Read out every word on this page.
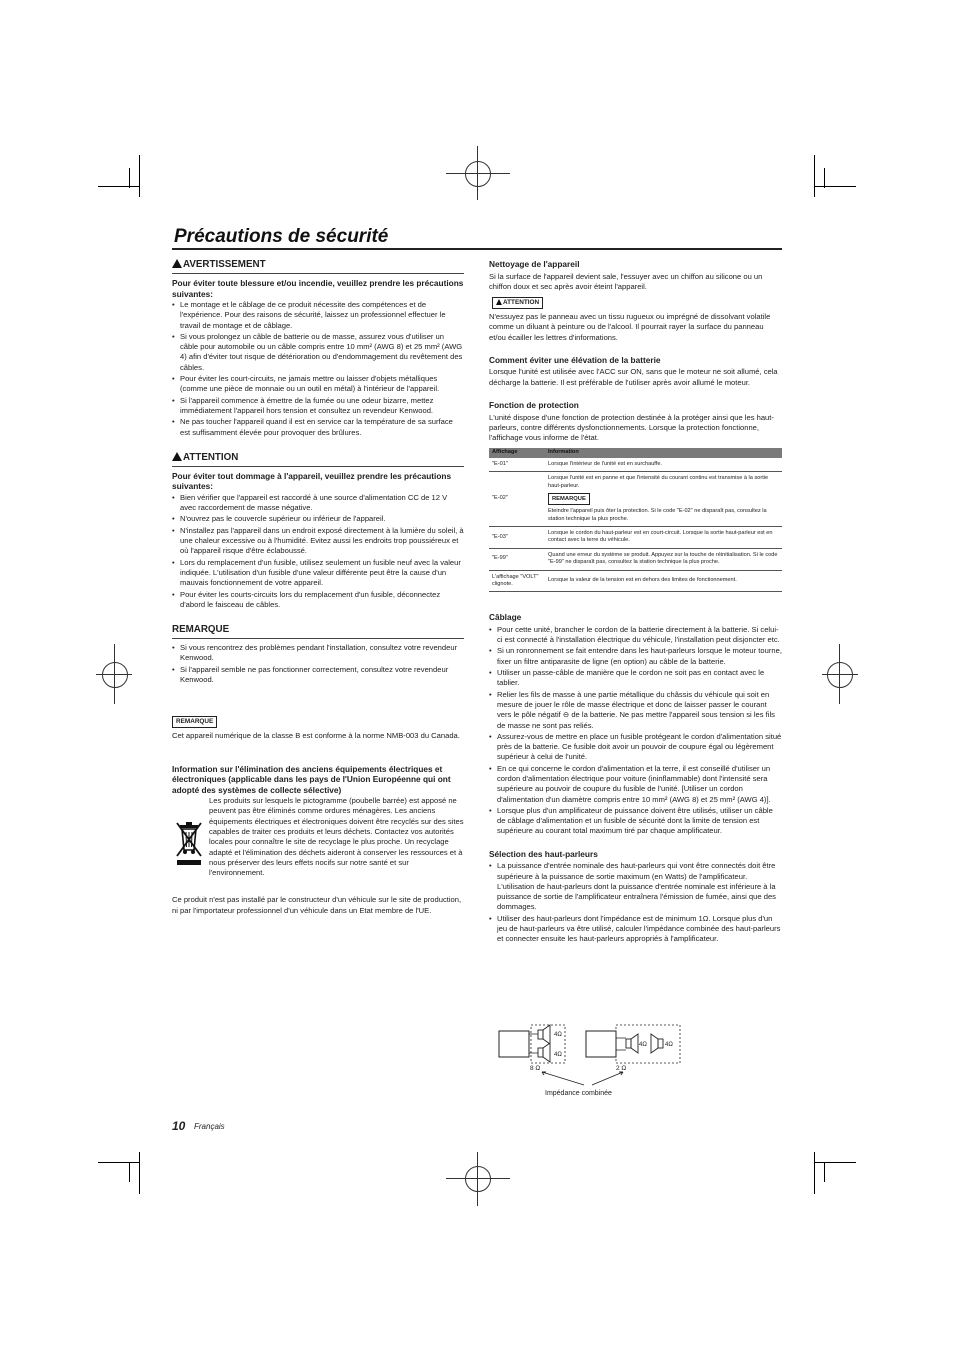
Précautions de sécurité
AVERTISSEMENT

Pour éviter toute blessure et/ou incendie, veuillez prendre les précautions suivantes:

• Le montage et le câblage de ce produit nécessite des compétences et de l'expérience. Pour des raisons de sécurité, laissez un professionnel effectuer le travail de montage et de câblage.
• Si vous prolongez un câble de batterie ou de masse, assurez vous d'utiliser un câble pour automobile ou un câble compris entre 10 mm² (AWG 8) et 25 mm² (AWG 4) afin d'éviter tout risque de détérioration ou d'endommagement du revêtement des câbles.
• Pour éviter les court-circuits, ne jamais mettre ou laisser d'objets métalliques (comme une pièce de monnaie ou un outil en métal) à l'intérieur de l'appareil.
• Si l'appareil commence à émettre de la fumée ou une odeur bizarre, mettez immédiatement l'appareil hors tension et consultez un revendeur Kenwood.
• Ne pas toucher l'appareil quand il est en service car la température de sa surface est suffisamment élevée pour provoquer des brûlures.
ATTENTION

Pour éviter tout dommage à l'appareil, veuillez prendre les précautions suivantes:

• Bien vérifier que l'appareil est raccordé à une source d'alimentation CC de 12 V avec raccordement de masse négative.
• N'ouvrez pas le couvercle supérieur ou inférieur de l'appareil.
• N'installez pas l'appareil dans un endroit exposé directement à la lumière du soleil, à une chaleur excessive ou à l'humidité. Evitez aussi les endroits trop poussiéreux et où l'appareil risque d'être éclaboussé.
• Lors du remplacement d'un fusible, utilisez seulement un fusible neuf avec la valeur indiquée. L'utilisation d'un fusible d'une valeur différente peut être la cause d'un mauvais fonctionnement de votre appareil.
• Pour éviter les courts-circuits lors du remplacement d'un fusible, déconnectez d'abord le faisceau de câbles.
REMARQUE
• Si vous rencontrez des problèmes pendant l'installation, consultez votre revendeur Kenwood.
• Si l'appareil semble ne pas fonctionner correctement, consultez votre revendeur Kenwood.
REMARQUE

Cet appareil numérique de la classe B est conforme à la norme NMB-003 du Canada.

Information sur l'élimination des anciens équipements électriques et électroniques (applicable dans les pays de l'Union Européenne qui ont adopté des systèmes de collecte sélective)

Les produits sur lesquels le pictogramme (poubelle barrée) est apposé ne peuvent pas être éliminés comme ordures ménagères. Les anciens équipements électriques et électroniques doivent être recyclés sur des sites capables de traiter ces produits et leurs déchets. Contactez vos autorités locales pour connaître le site de recyclage le plus proche. Un recyclage adapté et l'élimination des déchets aideront à conserver les ressources et à nous préserver des leurs effets nocifs sur notre santé et sur l'environnement.

Ce produit n'est pas installé par le constructeur d'un véhicule sur le site de production, ni par l'importateur professionnel d'un véhicule dans un Etat membre de l'UE.

Nettoyage de l'appareil

Si la surface de l'appareil devient sale, l'essuyer avec un chiffon au silicone ou un chiffon doux et sec après avoir éteint l'appareil.

ATTENTION

N'essuyez pas le panneau avec un tissu rugueux ou imprégné de dissolvant volatile comme un diluant à peinture ou de l'alcool. Il pourrait rayer la surface du panneau et/ou écailler les lettres d'informations.

Comment éviter une élévation de la batterie

Lorsque l'unité est utilisée avec l'ACC sur ON, sans que le moteur ne soit allumé, cela décharge la batterie. Il est préférable de l'utiliser après avoir allumé le moteur.

Fonction de protection

L'unité dispose d'une fonction de protection destinée à la protéger ainsi que les haut-parleurs, contre différents dysfonctionnements. Lorsque la protection fonctionne, l'affichage vous informe de l'état.

Affichage	Information
"E-01"	Lorsque l'intérieur de l'unité est en surchauffe.
"E-02"	Lorsque l'unité est en panne et que l'intensité du courant continu est transmise à la sortie haut-parleur.
REMARQUE
Eteindre l'appareil puis ôter la protection. Si le code "E-02" ne disparaît pas, consultez la station technique la plus proche.

"E-03"	Lorsque le cordon du haut-parleur est en court-circuit. Lorsque la sortie haut-parleur est en contact avec la terre du véhicule.
"E-99"	Quand une erreur du système se produit. Appuyez sur la touche de réinitialisation. Si le code "E-99" ne disparaît pas, consultez la station technique la plus proche.
L'affichage "VOLT" clignote.	Lorsque la valeur de la tension est en dehors des limites de fonctionnement.

Câblage

• Pour cette unité, brancher le cordon de la batterie directement à la batterie. Si celui-ci est connecté à l'installation électrique du véhicule, l'installation peut disjoncter etc.
• Si un ronronnement se fait entendre dans les haut-parleurs lorsque le moteur tourne, fixer un filtre antiparasite de ligne (en option) au câble de la batterie.
• Utiliser un passe-câble de manière que le cordon ne soit pas en contact avec le tablier.
• Relier les fils de masse à une partie métallique du châssis du véhicule qui soit en mesure de jouer le rôle de masse électrique et donc de laisser passer le courant vers le pôle négatif ⊖ de la batterie. Ne pas mettre l'appareil sous tension si les fils de masse ne sont pas reliés.
• Assurez-vous de mettre en place un fusible protégeant le cordon d'alimentation situé près de la batterie. Ce fusible doit avoir un pouvoir de coupure égal ou légèrement supérieur à celui de l'unité.
• En ce qui concerne le cordon d'alimentation et la terre, il est conseillé d'utiliser un cordon d'alimentation électrique pour voiture (ininflammable) dont l'intensité sera supérieure au pouvoir de coupure du fusible de l'unité. [Utiliser un cordon d'alimentation d'un diamètre compris entre 10 mm² (AWG 8) et 25 mm² (AWG 4)].
• Lorsque plus d'un amplificateur de puissance doivent être utilisés, utiliser un câble de câblage d'alimentation et un fusible de sécurité dont la limite de tension est supérieure au courant total maximum tiré par chaque amplificateur.

Sélection des haut-parleurs

• La puissance d'entrée nominale des haut-parleurs qui vont être connectés doit être supérieure à la puissance de sortie maximum (en Watts) de l'amplificateur. L'utilisation de haut-parleurs dont la puissance d'entrée nominale est inférieure à la puissance de sortie de l'amplificateur entraînera l'émission de fumée, ainsi que des dommages.
• Utiliser des haut-parleurs dont l'impédance est de minimum 1Ω. Lorsque plus d'un jeu de haut-parleurs va être utilisé, calculer l'impédance combinée des haut-parleurs et connecter ensuite les haut-parleurs appropriés à l'amplificateur.
4Ω
4Ω
8 Ω
4Ω	4Ω
2 Ω
Impédance combinée
10 Français
